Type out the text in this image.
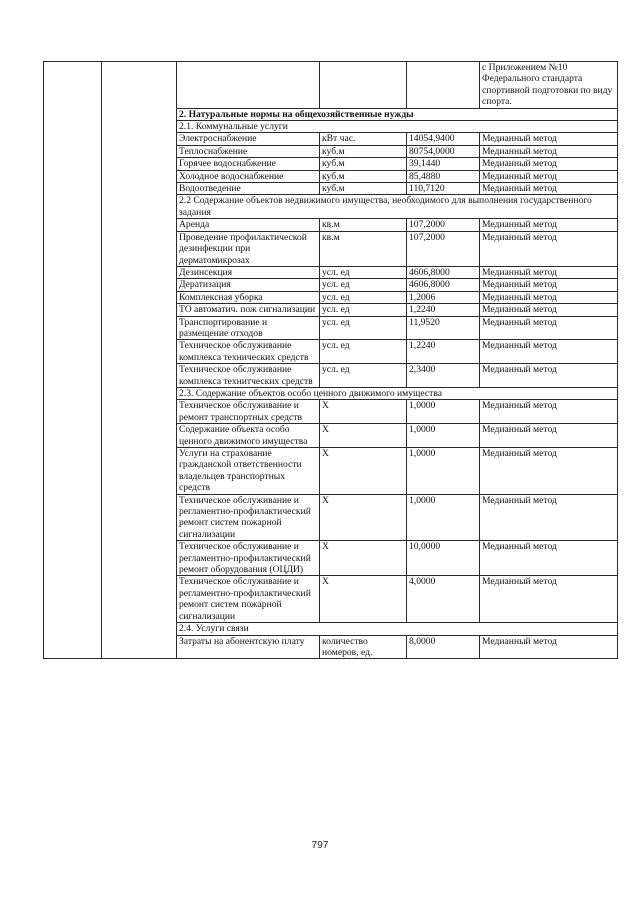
					с Приложением №10 Федерального стандарта спортивной подготовки по виду спорта.
		2. Натуральные нормы на общехозяйственные нужды			
		2.1. Коммунальные услуги			
		Электроснабжение	кВт час.	14054,9400	Медианный метод
		Теплоснабжение	куб.м	80754,0000	Медианный метод
		Горячее водоснабжение	куб.м	39,1440	Медианный метод
		Холодное водоснабжение	куб.м	85,4880	Медианный метод
		Водоотведение	куб.м	110,7120	Медианный метод
		2.2 Содержание объектов недвижимого имущества, необходимого для выполнения государственного задания			
		Аренда	кв.м	107,2000	Медианный метод
		Проведение профилактической дезинфекции при дерматомикрозах	кв.м	107,2000	Медианный метод
		Дезинсекция	усл. ед	4606,8000	Медианный метод
		Дератизация	усл. ед	4606,8000	Медианный метод
		Комплексная уборка	усл. ед	1,2006	Медианный метод
		ТО автоматич. пож сигнализации	усл. ед	1,2240	Медианный метод
		Транспортирование и размещение отходов	усл. ед	11,9520	Медианный метод
		Техническое обслуживание комплекса технических средств	усл. ед	1,2240	Медианный метод
		Техническое обслуживание комплекса технитческих средств	усл. ед	2,3400	Медианный метод
		2.3. Содержание объектов особо ценного движимого имущества			
		Техническое обслуживание и ремонт транспортных средств	Х	1,0000	Медианный метод
		Содержание объекта особо ценного движимого имущества	Х	1,0000	Медианный метод
		Услуги на страхование гражданской ответственности владельцев транспортных средств	Х	1,0000	Медианный метод
		Техническое обслуживание и регламентно-профилактический ремонт систем пожарной сигнализации	Х	1,0000	Медианный метод
		Техническое обслуживание и регламентно-профилактический ремонт оборудования (ОЦДИ)	Х	10,0000	Медианный метод
		Техническое обслуживание и регламентно-профилактический ремонт систем пожарной сигнализации	Х	4,0000	Медианный метод
		2.4. Услуги связи			
		Затраты на абонентскую плату	количество номеров, ед.	8,0000	Медианный метод
797
